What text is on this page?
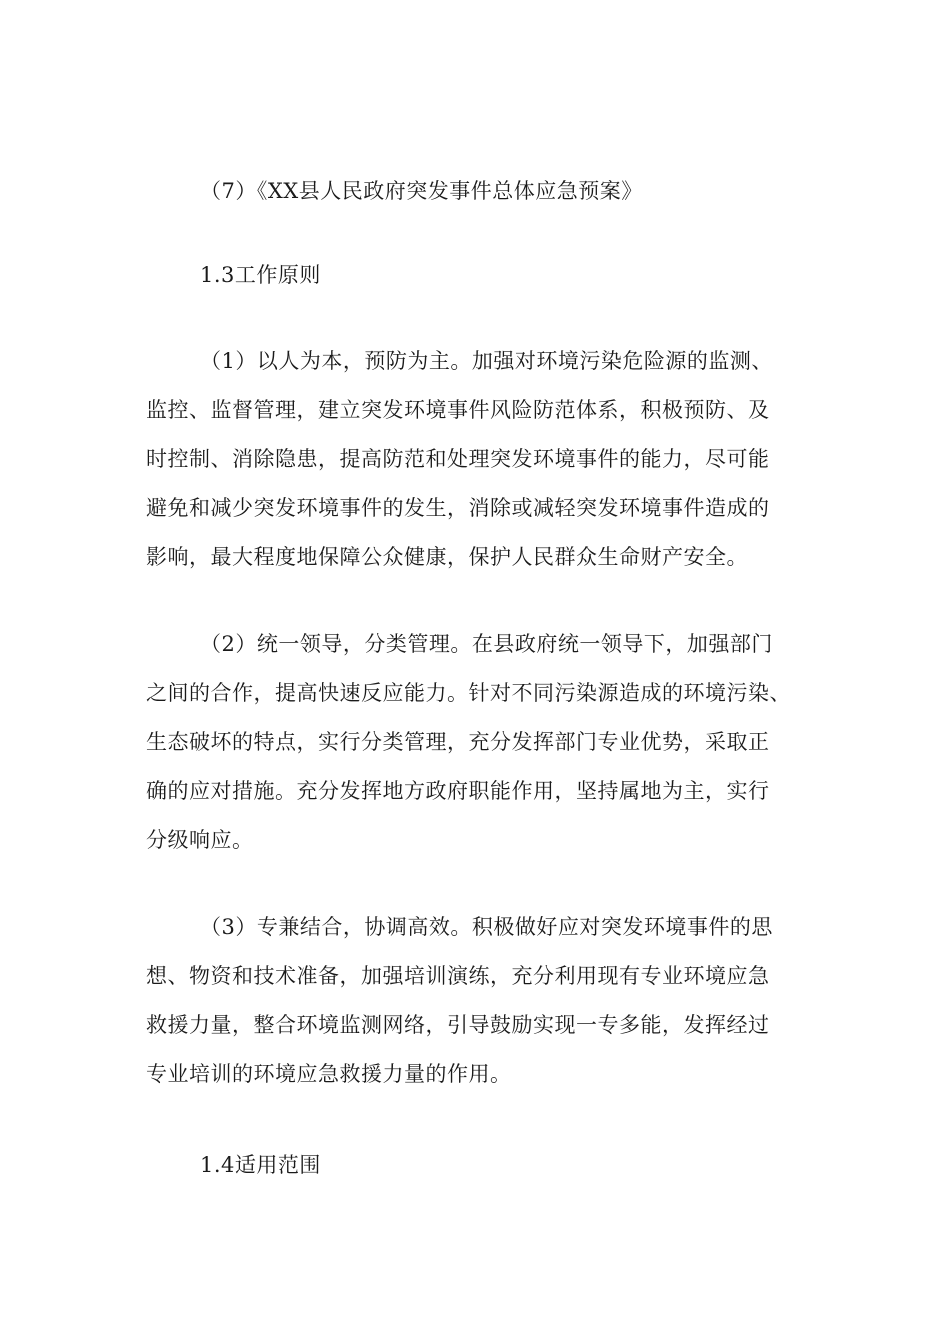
（7）《XX县人民政府突发事件总体应急预案》
1.3工作原则
（1）以人为本，预防为主。加强对环境污染危险源的监测、
监控、监督管理，建立突发环境事件风险防范体系，积极预防、及
时控制、消除隐患，提高防范和处理突发环境事件的能力，尽可能
避免和减少突发环境事件的发生，消除或减轻突发环境事件造成的
影响，最大程度地保障公众健康，保护人民群众生命财产安全。
（2）统一领导，分类管理。在县政府统一领导下，加强部门
之间的合作，提高快速反应能力。针对不同污染源造成的环境污染、
生态破坏的特点，实行分类管理，充分发挥部门专业优势，采取正
确的应对措施。充分发挥地方政府职能作用，坚持属地为主，实行
分级响应。
（3）专兼结合，协调高效。积极做好应对突发环境事件的思
想、物资和技术准备，加强培训演练，充分利用现有专业环境应急
救援力量，整合环境监测网络，引导鼓励实现一专多能，发挥经过
专业培训的环境应急救援力量的作用。
1.4适用范围
